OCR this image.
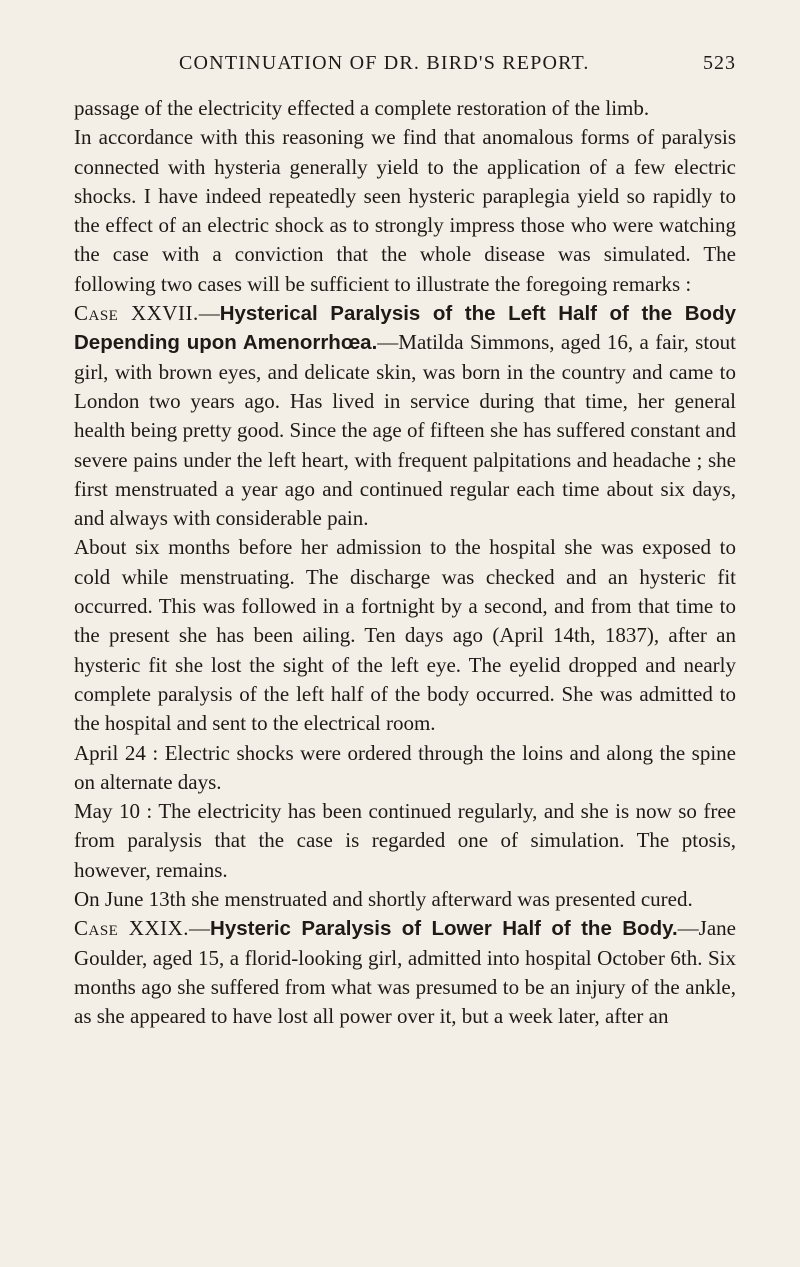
CONTINUATION OF DR. BIRD'S REPORT.	523

passage of the electricity effected a complete restoration of the limb.

In accordance with this reasoning we find that anomalous forms of paralysis connected with hysteria generally yield to the application of a few electric shocks. I have indeed repeatedly seen hysteric paraplegia yield so rapidly to the effect of an electric shock as to strongly impress those who were watching the case with a conviction that the whole disease was simulated. The following two cases will be sufficient to illustrate the foregoing remarks :

Case XXVII.—Hysterical Paralysis of the Left Half of the Body Depending upon Amenorrhœa.—Matilda Simmons, aged 16, a fair, stout girl, with brown eyes, and delicate skin, was born in the country and came to London two years ago. Has lived in service during that time, her general health being pretty good. Since the age of fifteen she has suffered constant and severe pains under the left heart, with frequent palpitations and headache ; she first menstruated a year ago and continued regular each time about six days, and always with considerable pain.

About six months before her admission to the hospital she was exposed to cold while menstruating. The discharge was checked and an hysteric fit occurred. This was followed in a fortnight by a second, and from that time to the present she has been ailing. Ten days ago (April 14th, 1837), after an hysteric fit she lost the sight of the left eye. The eyelid dropped and nearly complete paralysis of the left half of the body occurred. She was admitted to the hospital and sent to the electrical room.

April 24 : Electric shocks were ordered through the loins and along the spine on alternate days.

May 10 : The electricity has been continued regularly, and she is now so free from paralysis that the case is regarded one of simulation. The ptosis, however, remains.

On June 13th she menstruated and shortly afterward was presented cured.

Case XXIX.—Hysteric Paralysis of Lower Half of the Body.—Jane Goulder, aged 15, a florid-looking girl, admitted into hospital October 6th. Six months ago she suffered from what was presumed to be an injury of the ankle, as she appeared to have lost all power over it, but a week later, after an
